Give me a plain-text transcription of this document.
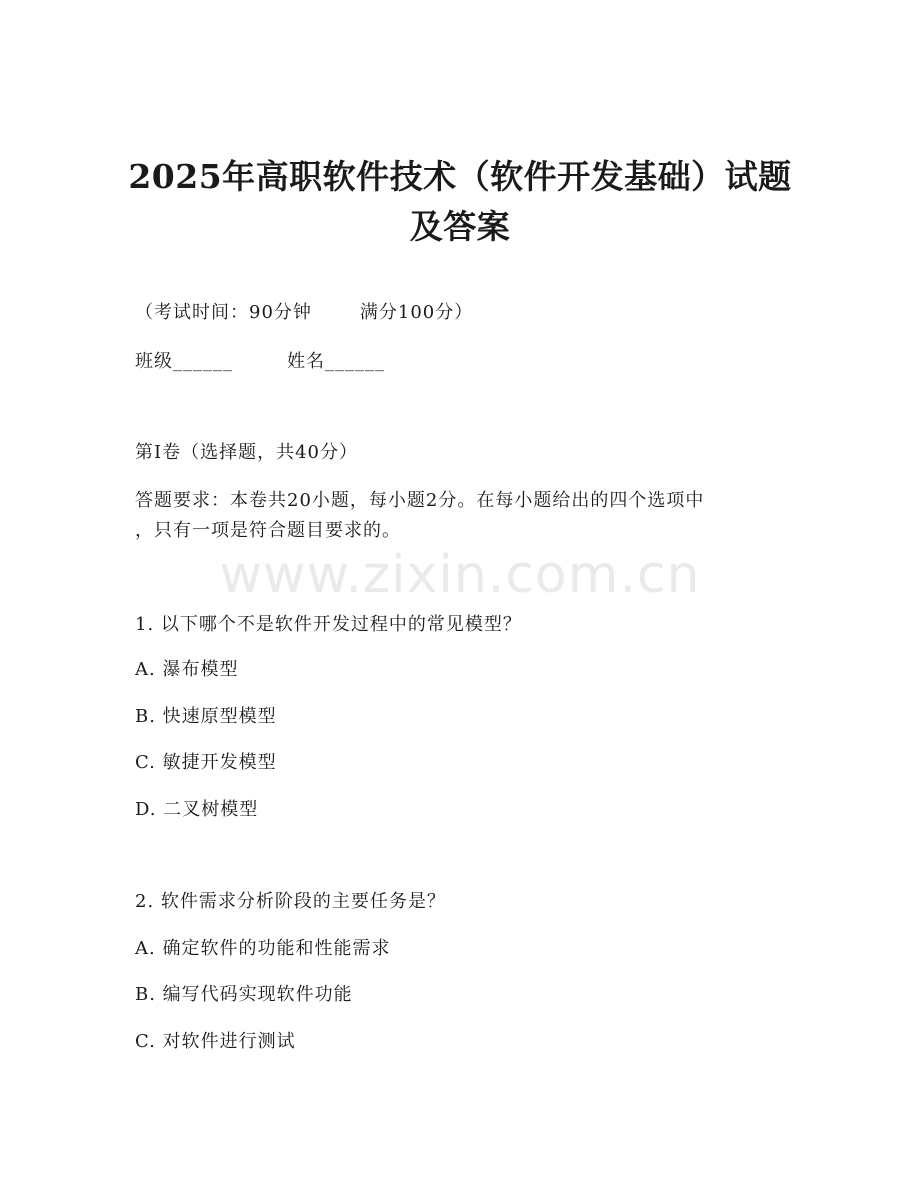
2025年高职软件技术（软件开发基础）试题
及答案
（考试时间：90分钟	满分100分）
班级______	姓名______
第I卷（选择题，共40分）
答题要求：本卷共20小题，每小题2分。在每小题给出的四个选项中
，只有一项是符合题目要求的。
www.zixin.com.cn
1. 以下哪个不是软件开发过程中的常见模型？
A. 瀑布模型
B. 快速原型模型
C. 敏捷开发模型
D. 二叉树模型
2. 软件需求分析阶段的主要任务是？
A. 确定软件的功能和性能需求
B. 编写代码实现软件功能
C. 对软件进行测试
